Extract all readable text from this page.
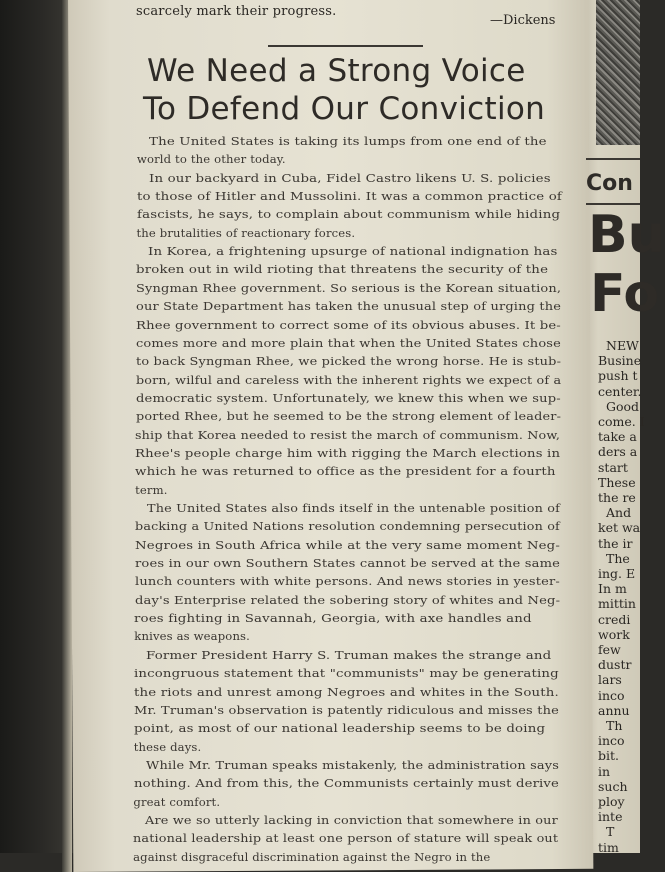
scarcely mark their progress.
—Dickens
We Need a Strong Voice
To Defend Our Conviction
The United States is taking its lumps from one end of the
world to the other today.
In our backyard in Cuba, Fidel Castro likens U. S. policies
to those of Hitler and Mussolini. It was a common practice of
fascists, he says, to complain about communism while hiding
the brutalities of reactionary forces.
In Korea, a frightening upsurge of national indignation has
broken out in wild rioting that threatens the security of the
Syngman Rhee government. So serious is the Korean situation,
our State Department has taken the unusual step of urging the
Rhee government to correct some of its obvious abuses. It be-
comes more and more plain that when the United States chose
to back Syngman Rhee, we picked the wrong horse. He is stub-
born, wilful and careless with the inherent rights we expect of a
democratic system. Unfortunately, we knew this when we sup-
ported Rhee, but he seemed to be the strong element of leader-
ship that Korea needed to resist the march of communism. Now,
Rhee's people charge him with rigging the March elections in
which he was returned to office as the president for a fourth
term.
The United States also finds itself in the untenable position of
backing a United Nations resolution condemning persecution of
Negroes in South Africa while at the very same moment Neg-
roes in our own Southern States cannot be served at the same
lunch counters with white persons. And news stories in yester-
day's Enterprise related the sobering story of whites and Neg-
roes fighting in Savannah, Georgia, with axe handles and
knives as weapons.
Former President Harry S. Truman makes the strange and
incongruous statement that "communists" may be generating
the riots and unrest among Negroes and whites in the South.
Mr. Truman's observation is patently ridiculous and misses the
point, as most of our national leadership seems to be doing
these days.
While Mr. Truman speaks mistakenly, the administration says
nothing. And from this, the Communists certainly must derive
great comfort.
Are we so utterly lacking in conviction that somewhere in our
national leadership at least one person of stature will speak out
against disgraceful discrimination against the Negro in the
Con
Bu
Fo
NEW
Busine
push t
center.
Good
come. I
take a
ders a
start
These
the re
And
ket wa
the ir
The
ing. E
In m
mittin
credi
work
few
dustr
lars
inco
annu
Th
inco
bit.
in
such
ploy
inte
T
tim
